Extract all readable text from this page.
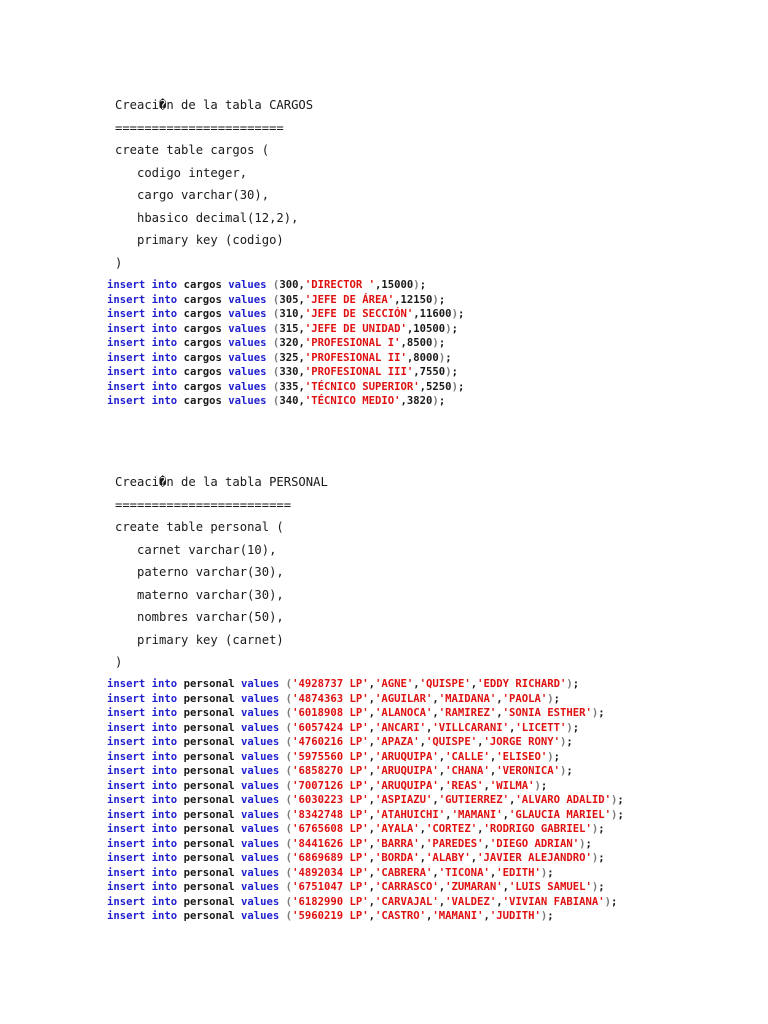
Creaci�n de la tabla CARGOS
=======================
create table cargos (
codigo integer,
cargo varchar(30),
hbasico decimal(12,2),
primary key (codigo)
)
insert into cargos values (300,'DIRECTOR ',15000);
insert into cargos values (305,'JEFE DE ÁREA',12150);
insert into cargos values (310,'JEFE DE SECCIÓN',11600);
insert into cargos values (315,'JEFE DE UNIDAD',10500);
insert into cargos values (320,'PROFESIONAL I',8500);
insert into cargos values (325,'PROFESIONAL II',8000);
insert into cargos values (330,'PROFESIONAL III',7550);
insert into cargos values (335,'TÉCNICO SUPERIOR',5250);
insert into cargos values (340,'TÉCNICO MEDIO',3820);
Creaci�n de la tabla PERSONAL
========================
create table personal (
carnet varchar(10),
paterno varchar(30),
materno varchar(30),
nombres varchar(50),
primary key (carnet)
)
insert into personal values ('4928737 LP','AGNE','QUISPE','EDDY RICHARD');
insert into personal values ('4874363 LP','AGUILAR','MAIDANA','PAOLA');
insert into personal values ('6018908 LP','ALANOCA','RAMIREZ','SONIA ESTHER');
insert into personal values ('6057424 LP','ANCARI','VILLCARANI','LICETT');
insert into personal values ('4760216 LP','APAZA','QUISPE','JORGE RONY');
insert into personal values ('5975560 LP','ARUQUIPA','CALLE','ELISEO');
insert into personal values ('6858270 LP','ARUQUIPA','CHANA','VERONICA');
insert into personal values ('7007126 LP','ARUQUIPA','REAS','WILMA');
insert into personal values ('6030223 LP','ASPIAZU','GUTIERREZ','ALVARO ADALID');
insert into personal values ('8342748 LP','ATAHUICHI','MAMANI','GLAUCIA MARIEL');
insert into personal values ('6765608 LP','AYALA','CORTEZ','RODRIGO GABRIEL');
insert into personal values ('8441626 LP','BARRA','PAREDES','DIEGO ADRIAN');
insert into personal values ('6869689 LP','BORDA','ALABY','JAVIER ALEJANDRO');
insert into personal values ('4892034 LP','CABRERA','TICONA','EDITH');
insert into personal values ('6751047 LP','CARRASCO','ZUMARAN','LUIS SAMUEL');
insert into personal values ('6182990 LP','CARVAJAL','VALDEZ','VIVIAN FABIANA');
insert into personal values ('5960219 LP','CASTRO','MAMANI','JUDITH');
